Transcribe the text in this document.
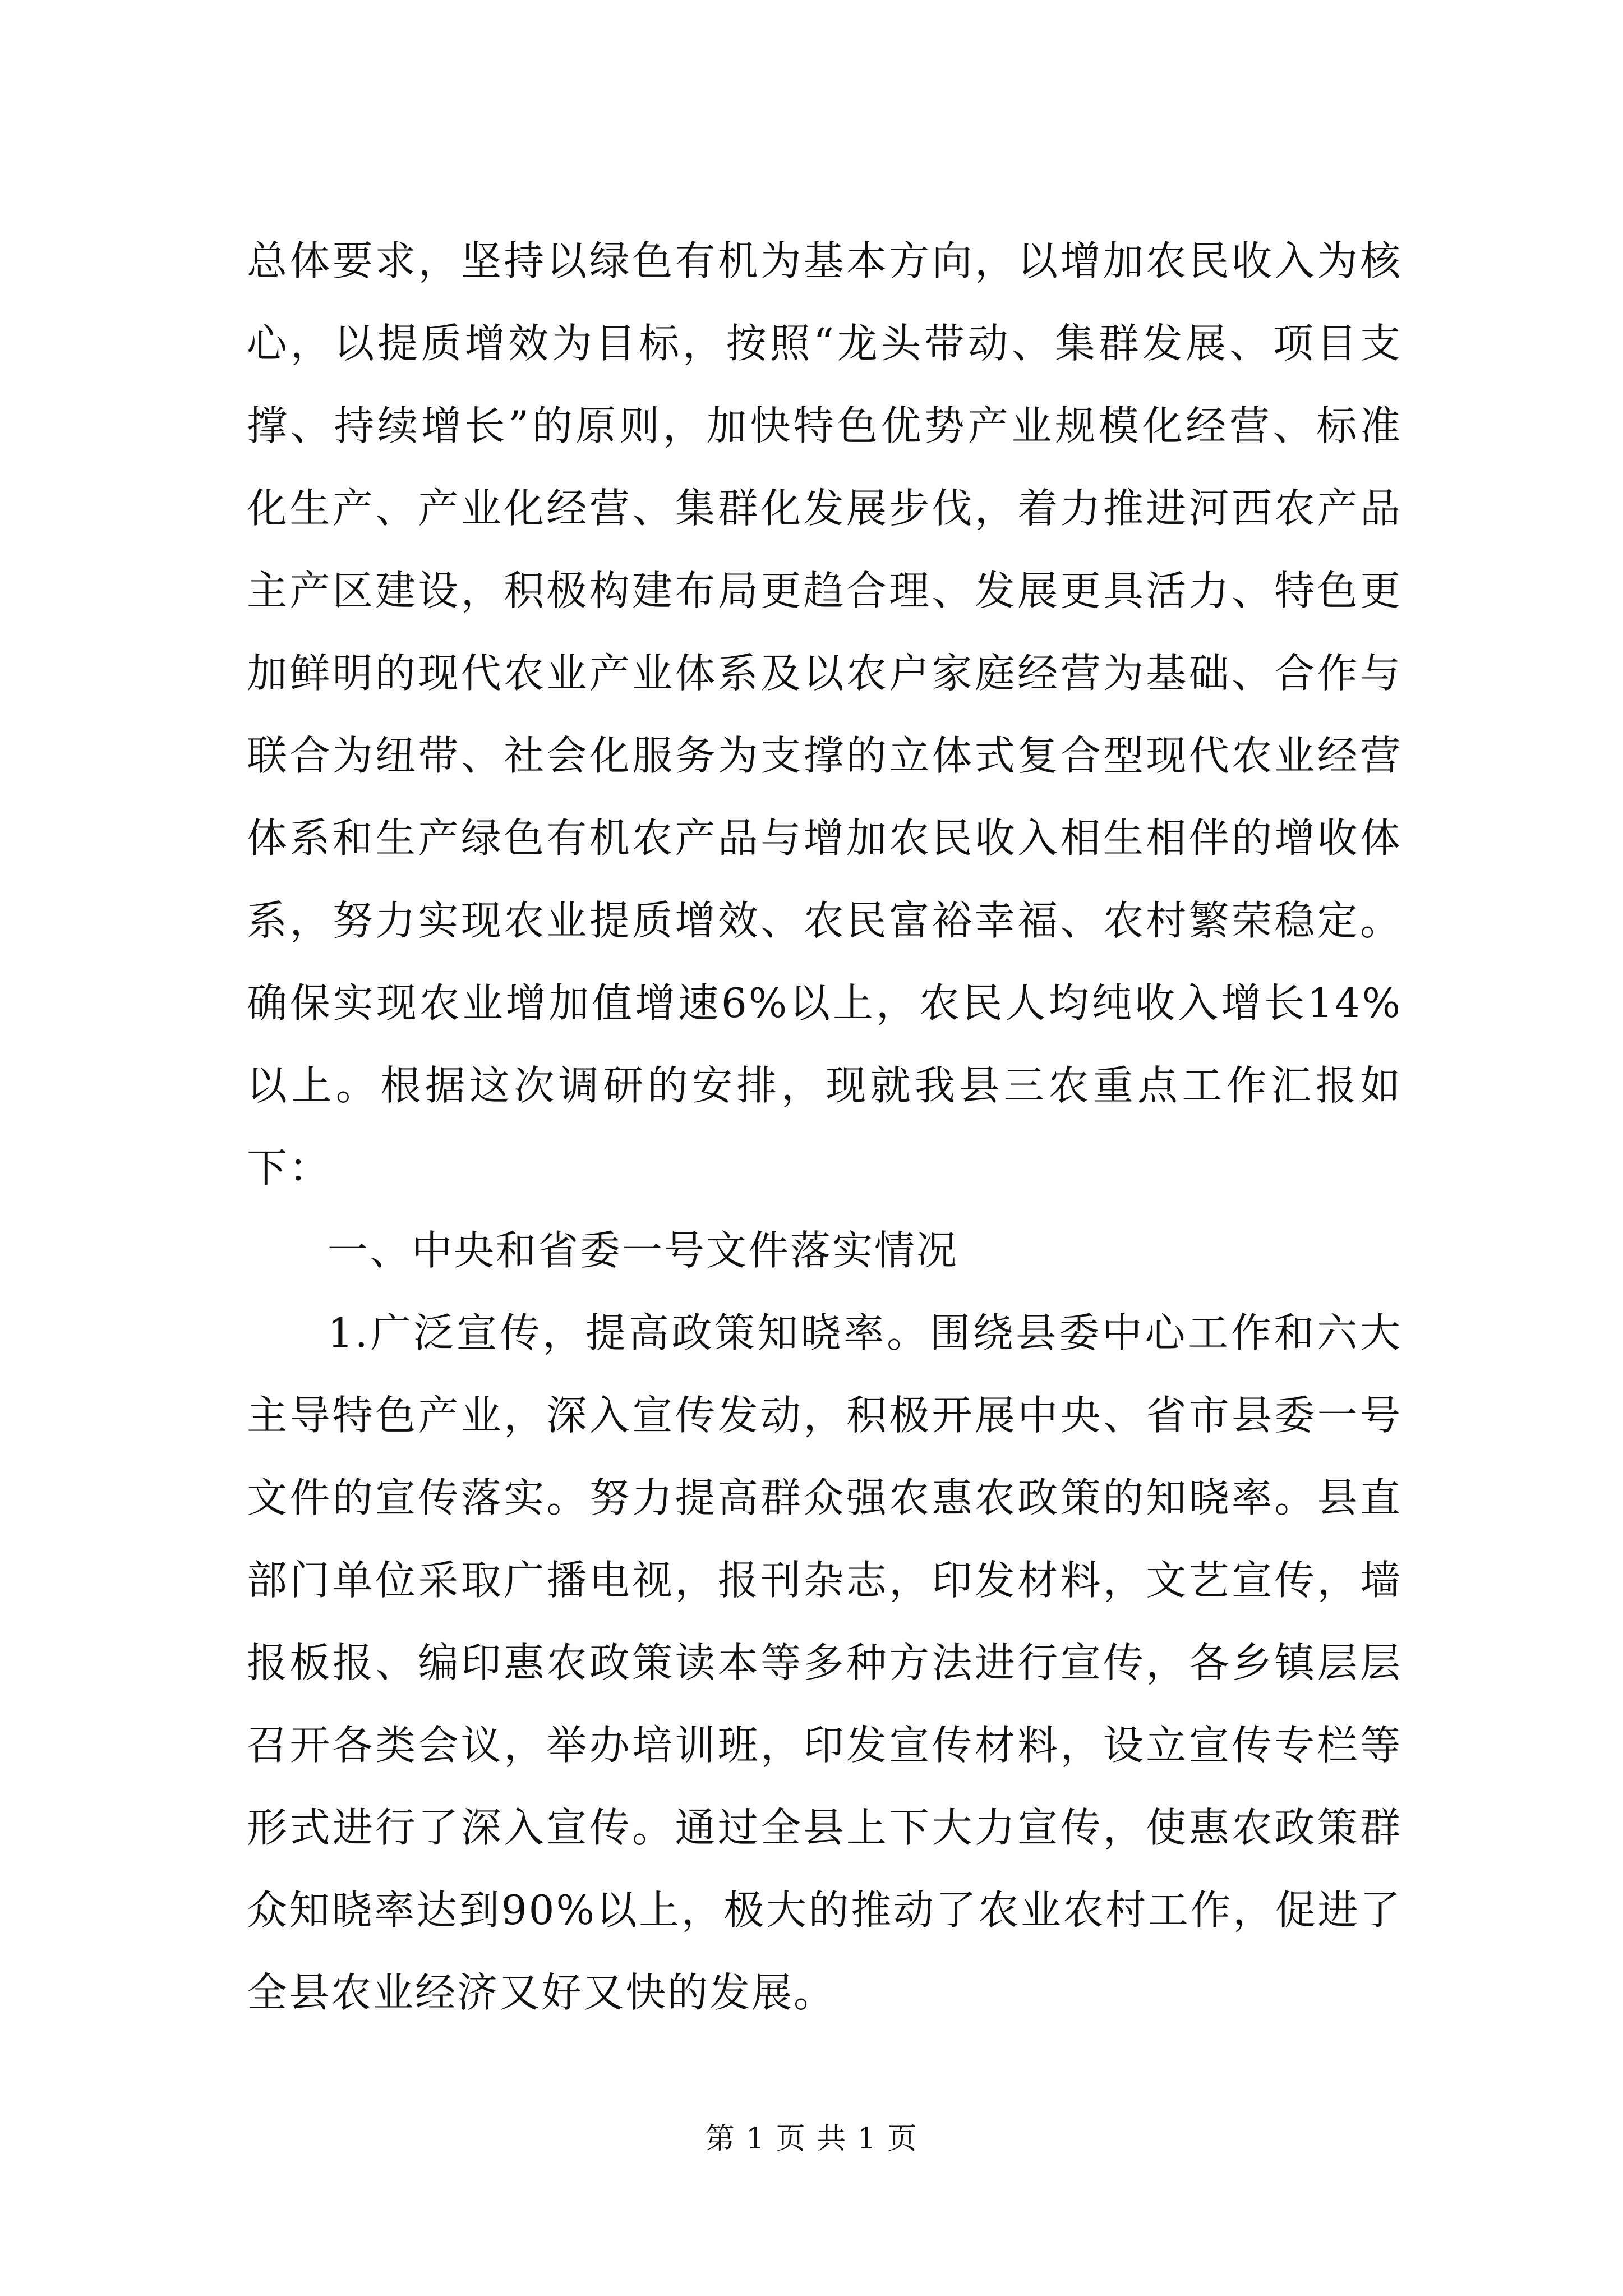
总体要求，坚持以绿色有机为基本方向，以增加农民收入为核心，以提质增效为目标，按照“龙头带动、集群发展、项目支撑、持续增长”的原则，加快特色优势产业规模化经营、标准化生产、产业化经营、集群化发展步伐，着力推进河西农产品主产区建设，积极构建布局更趋合理、发展更具活力、特色更加鲜明的现代农业产业体系及以农户家庭经营为基础、合作与联合为纽带、社会化服务为支撑的立体式复合型现代农业经营体系和生产绿色有机农产品与增加农民收入相生相伴的增收体系，努力实现农业提质增效、农民富裕幸福、农村繁荣稳定。确保实现农业增加值增速6%以上，农民人均纯收入增长14%以上。根据这次调研的安排，现就我县三农重点工作汇报如下：

一、中央和省委一号文件落实情况

1.广泛宣传，提高政策知晓率。围绕县委中心工作和六大主导特色产业，深入宣传发动，积极开展中央、省市县委一号文件的宣传落实。努力提高群众强农惠农政策的知晓率。县直部门单位采取广播电视，报刊杂志，印发材料，文艺宣传，墙报板报、编印惠农政策读本等多种方法进行宣传，各乡镇层层召开各类会议，举办培训班，印发宣传材料，设立宣传专栏等形式进行了深入宣传。通过全县上下大力宣传，使惠农政策群众知晓率达到90%以上，极大的推动了农业农村工作，促进了全县农业经济又好又快的发展。

第 1 页 共 1 页
